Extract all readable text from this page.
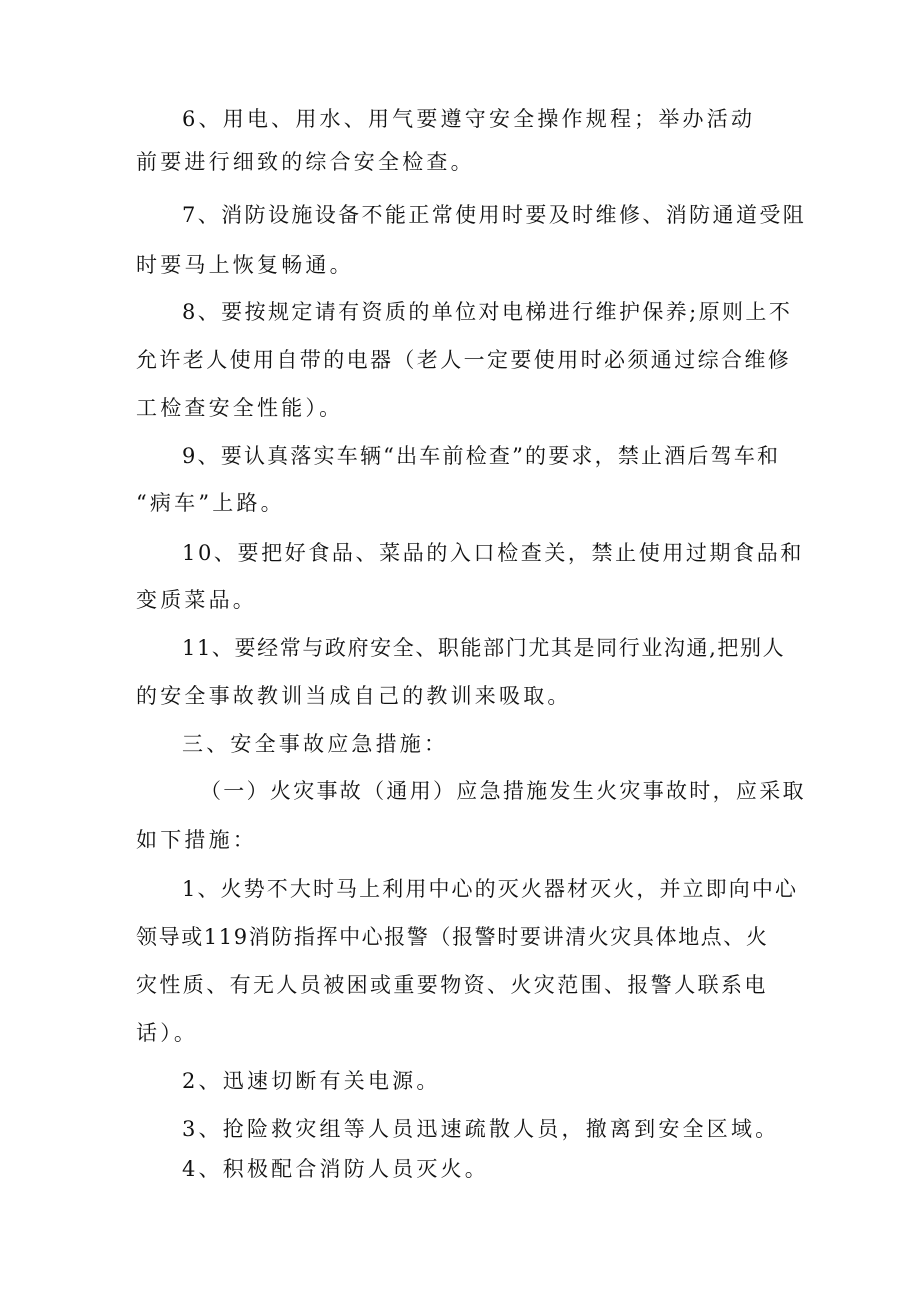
6、用电、用水、用气要遵守安全操作规程；举办活动
前要进行细致的综合安全检查。
7、消防设施设备不能正常使用时要及时维修、消防通道受阻
时要马上恢复畅通。
8、要按规定请有资质的单位对电梯进行维护保养;原则上不
允许老人使用自带的电器（老人一定要使用时必须通过综合维修
工检查安全性能）。
9、要认真落实车辆“出车前检查”的要求，禁止酒后驾车和
“病车”上路。
10、要把好食品、菜品的入口检查关，禁止使用过期食品和
变质菜品。
11、要经常与政府安全、职能部门尤其是同行业沟通,把别人
的安全事故教训当成自己的教训来吸取。
三、安全事故应急措施：
（一）火灾事故（通用）应急措施发生火灾事故时，应采取
如下措施：
1、火势不大时马上利用中心的灭火器材灭火，并立即向中心
领导或119消防指挥中心报警（报警时要讲清火灾具体地点、火
灾性质、有无人员被困或重要物资、火灾范围、报警人联系电
话）。
2、迅速切断有关电源。
3、抢险救灾组等人员迅速疏散人员，撤离到安全区域。
4、积极配合消防人员灭火。
